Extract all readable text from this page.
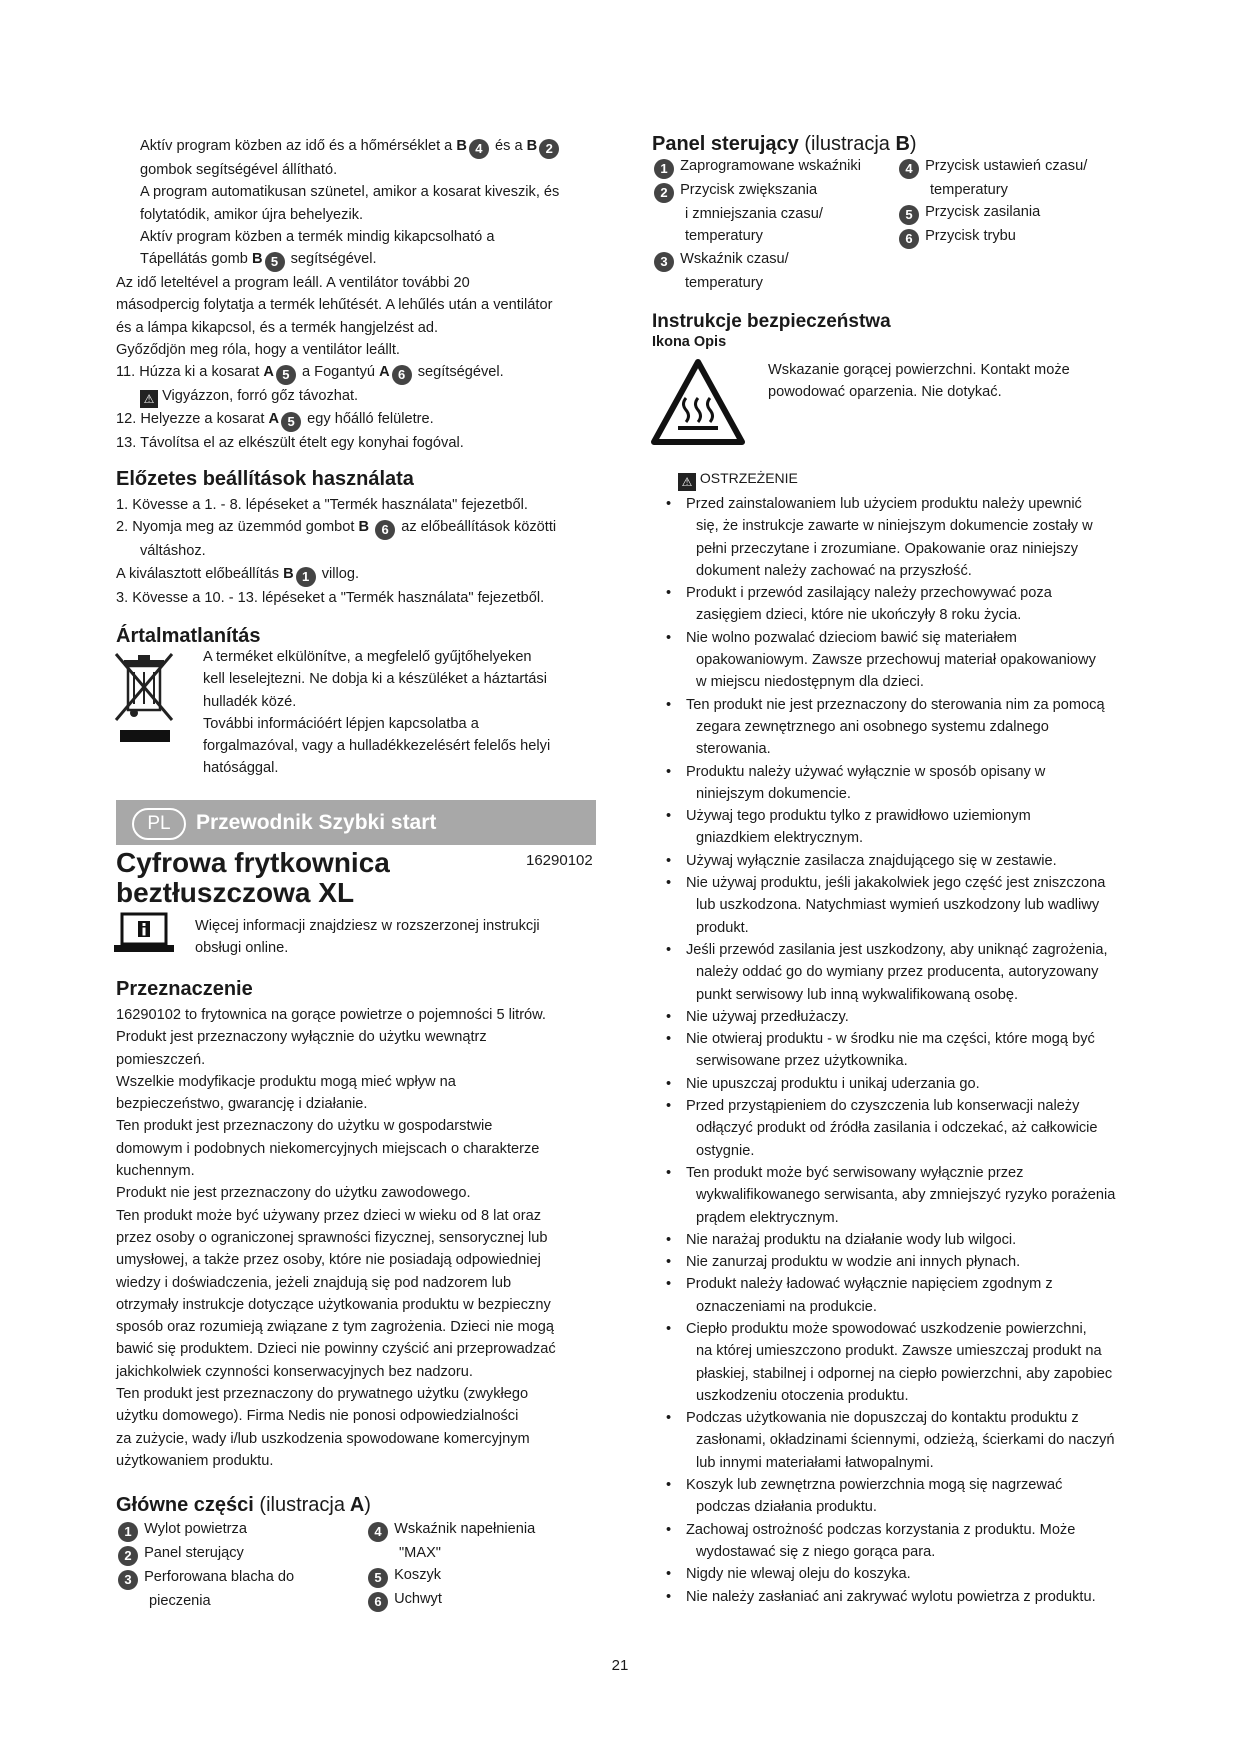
Aktív program közben az idő és a hőmérséklet a B 4 és a B 2

gombok segítségével állítható.

A program automatikusan szünetel, amikor a kosarat kiveszik, és

folytatódik, amikor újra behelyezik.

Aktív program közben a termék mindig kikapcsolható a

Tápellátás gomb B 5 segítségével.

Az idő leteltével a program leáll. A ventilátor további 20

másodpercig folytatja a termék lehűtését. A lehűlés után a ventilátor

és a lámpa kikapcsol, és a termék hangjelzést ad.

Győződjön meg róla, hogy a ventilátor leállt.

11. Húzza ki a kosarat A 5 a Fogantyú A 6 segítségével.

⚠ Vigyázzon, forró gőz távozhat.

12. Helyezze a kosarat A 5 egy hőálló felületre.

13. Távolítsa el az elkészült ételt egy konyhai fogóval.

Előzetes beállítások használata

1. Kövesse a 1. - 8. lépéseket a "Termék használata" fejezetből.

2. Nyomja meg az üzemmód gombot B 6 az előbeállítások közötti

váltáshoz.

A kiválasztott előbeállítás B 1 villog.

3. Kövesse a 10. - 13. lépéseket a "Termék használata" fejezetből.

Ártalmatlanítás

A terméket elkülönítve, a megfelelő gyűjtőhelyeken

kell leselejtezni. Ne dobja ki a készüléket a háztartási

hulladék közé.

További információért lépjen kapcsolatba a

forgalmazóval, vagy a hulladékkezelésért felelős helyi

hatósággal.

PL	Przewodnik Szybki start
Cyfrowa frytkownica
beztłuszczowa XL
16290102

Więcej informacji znajdziesz w rozszerzonej instrukcji

obsługi online.

Przeznaczenie

16290102 to frytownica na gorące powietrze o pojemności 5 litrów.

Produkt jest przeznaczony wyłącznie do użytku wewnątrz

pomieszczeń.

Wszelkie modyfikacje produktu mogą mieć wpływ na

bezpieczeństwo, gwarancję i działanie.

Ten produkt jest przeznaczony do użytku w gospodarstwie

domowym i podobnych niekomercyjnych miejscach o charakterze

kuchennym.

Produkt nie jest przeznaczony do użytku zawodowego.

Ten produkt może być używany przez dzieci w wieku od 8 lat oraz

przez osoby o ograniczonej sprawności fizycznej, sensorycznej lub

umysłowej, a także przez osoby, które nie posiadają odpowiedniej

wiedzy i doświadczenia, jeżeli znajdują się pod nadzorem lub

otrzymały instrukcje dotyczące użytkowania produktu w bezpieczny

sposób oraz rozumieją związane z tym zagrożenia. Dzieci nie mogą

bawić się produktem. Dzieci nie powinny czyścić ani przeprowadzać

jakichkolwiek czynności konserwacyjnych bez nadzoru.

Ten produkt jest przeznaczony do prywatnego użytku (zwykłego

użytku domowego). Firma Nedis nie ponosi odpowiedzialności

za zużycie, wady i/lub uszkodzenia spowodowane komercyjnym

użytkowaniem produktu.

Główne części (ilustracja A)

1 Wylot powietrza

2 Panel sterujący

3 Perforowana blacha do

pieczenia

4 Wskaźnik napełnienia

"MAX"

5 Koszyk

6 Uchwyt

Panel sterujący (ilustracja B)

1 Zaprogramowane wskaźniki

2 Przycisk zwiększania

i zmniejszania czasu/

temperatury

3 Wskaźnik czasu/

temperatury

4 Przycisk ustawień czasu/

temperatury

5 Przycisk zasilania

6 Przycisk trybu

Instrukcje bezpieczeństwa
Ikona Opis

Wskazanie gorącej powierzchni. Kontakt może

powodować oparzenia. Nie dotykać.

⚠ OSTRZEŻENIE

• Przed zainstalowaniem lub użyciem produktu należy upewnić

się, że instrukcje zawarte w niniejszym dokumencie zostały w

pełni przeczytane i zrozumiane. Opakowanie oraz niniejszy

dokument należy zachować na przyszłość.

• Produkt i przewód zasilający należy przechowywać poza

zasięgiem dzieci, które nie ukończyły 8 roku życia.

• Nie wolno pozwalać dzieciom bawić się materiałem

opakowaniowym. Zawsze przechowuj materiał opakowaniowy

w miejscu niedostępnym dla dzieci.

• Ten produkt nie jest przeznaczony do sterowania nim za pomocą

zegara zewnętrznego ani osobnego systemu zdalnego

sterowania.

• Produktu należy używać wyłącznie w sposób opisany w

niniejszym dokumencie.

• Używaj tego produktu tylko z prawidłowo uziemionym

gniazdkiem elektrycznym.

• Używaj wyłącznie zasilacza znajdującego się w zestawie.

• Nie używaj produktu, jeśli jakakolwiek jego część jest zniszczona

lub uszkodzona. Natychmiast wymień uszkodzony lub wadliwy

produkt.

• Jeśli przewód zasilania jest uszkodzony, aby uniknąć zagrożenia,

należy oddać go do wymiany przez producenta, autoryzowany

punkt serwisowy lub inną wykwalifikowaną osobę.

• Nie używaj przedłużaczy.

• Nie otwieraj produktu - w środku nie ma części, które mogą być

serwisowane przez użytkownika.

• Nie upuszczaj produktu i unikaj uderzania go.

• Przed przystąpieniem do czyszczenia lub konserwacji należy

odłączyć produkt od źródła zasilania i odczekać, aż całkowicie

ostygnie.

• Ten produkt może być serwisowany wyłącznie przez

wykwalifikowanego serwisanta, aby zmniejszyć ryzyko porażenia

prądem elektrycznym.

• Nie narażaj produktu na działanie wody lub wilgoci.

• Nie zanurzaj produktu w wodzie ani innych płynach.

• Produkt należy ładować wyłącznie napięciem zgodnym z

oznaczeniami na produkcie.

• Ciepło produktu może spowodować uszkodzenie powierzchni,

na której umieszczono produkt. Zawsze umieszczaj produkt na

płaskiej, stabilnej i odpornej na ciepło powierzchni, aby zapobiec

uszkodzeniu otoczenia produktu.

• Podczas użytkowania nie dopuszczaj do kontaktu produktu z

zasłonami, okładzinami ściennymi, odzieżą, ścierkami do naczyń

lub innymi materiałami łatwopalnymi.

• Koszyk lub zewnętrzna powierzchnia mogą się nagrzewać

podczas działania produktu.

• Zachowaj ostrożność podczas korzystania z produktu. Może

wydostawać się z niego gorąca para.

• Nigdy nie wlewaj oleju do koszyka.

• Nie należy zasłaniać ani zakrywać wylotu powietrza z produktu.

21
